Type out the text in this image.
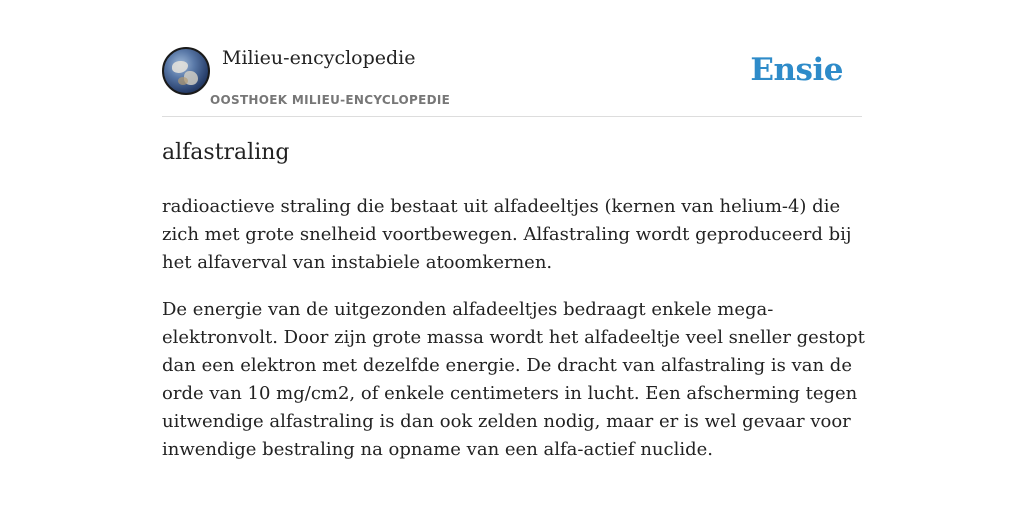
Milieu-encyclopedie
OOSTHOEK MILIEU-ENCYCLOPEDIE
Ensie
alfastraling

radioactieve straling die bestaat uit alfadeeltjes (kernen van helium-4) die zich met grote snelheid voortbewegen. Alfastraling wordt geproduceerd bij het alfaverval van instabiele atoomkernen.

De energie van de uitgezonden alfadeeltjes bedraagt enkele mega-elektronvolt. Door zijn grote massa wordt het alfadeeltje veel sneller gestopt dan een elektron met dezelfde energie. De dracht van alfastraling is van de orde van 10 mg/cm2, of enkele centimeters in lucht. Een afscherming tegen uitwendige alfastraling is dan ook zelden nodig, maar er is wel gevaar voor inwendige bestraling na opname van een alfa-actief nuclide.
